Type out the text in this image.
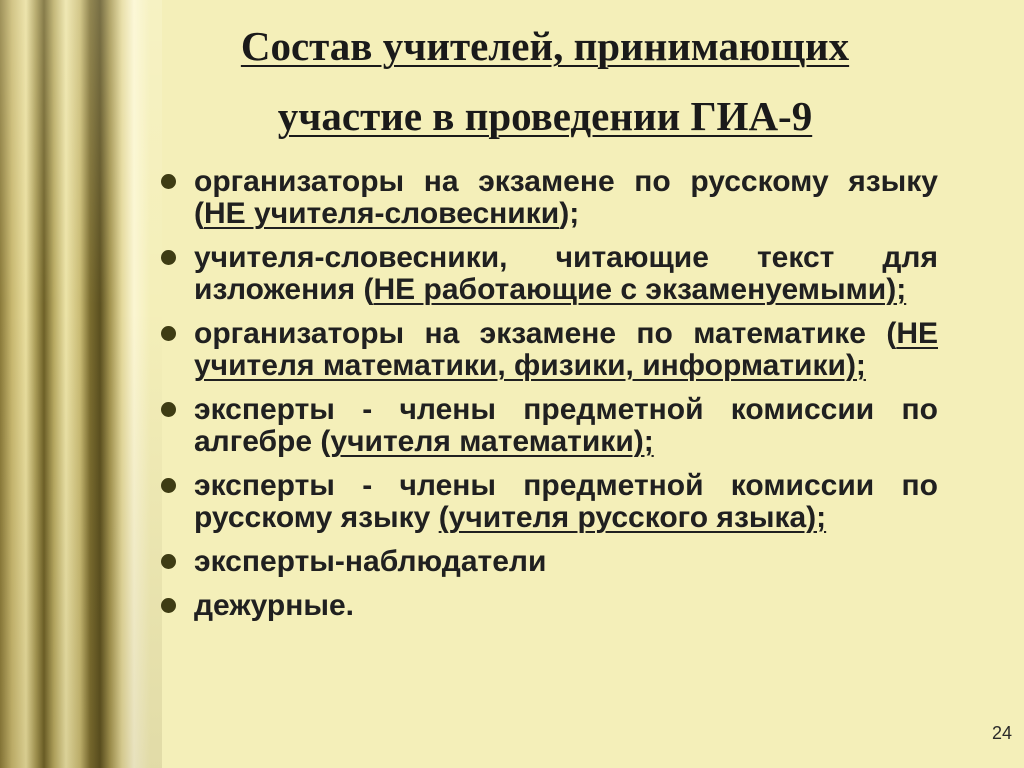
Состав учителей, принимающих
участие в проведении ГИА-9
организаторы на экзамене по русскому языку (НЕ учителя-словесники);
учителя-словесники, читающие текст для изложения (НЕ работающие с экзаменуемыми);
организаторы на экзамене по математике (НЕ учителя математики, физики, информатики);
эксперты - члены предметной комиссии по алгебре (учителя математики);
эксперты - члены предметной комиссии по русскому языку (учителя русского языка);
эксперты-наблюдатели
дежурные.
24
